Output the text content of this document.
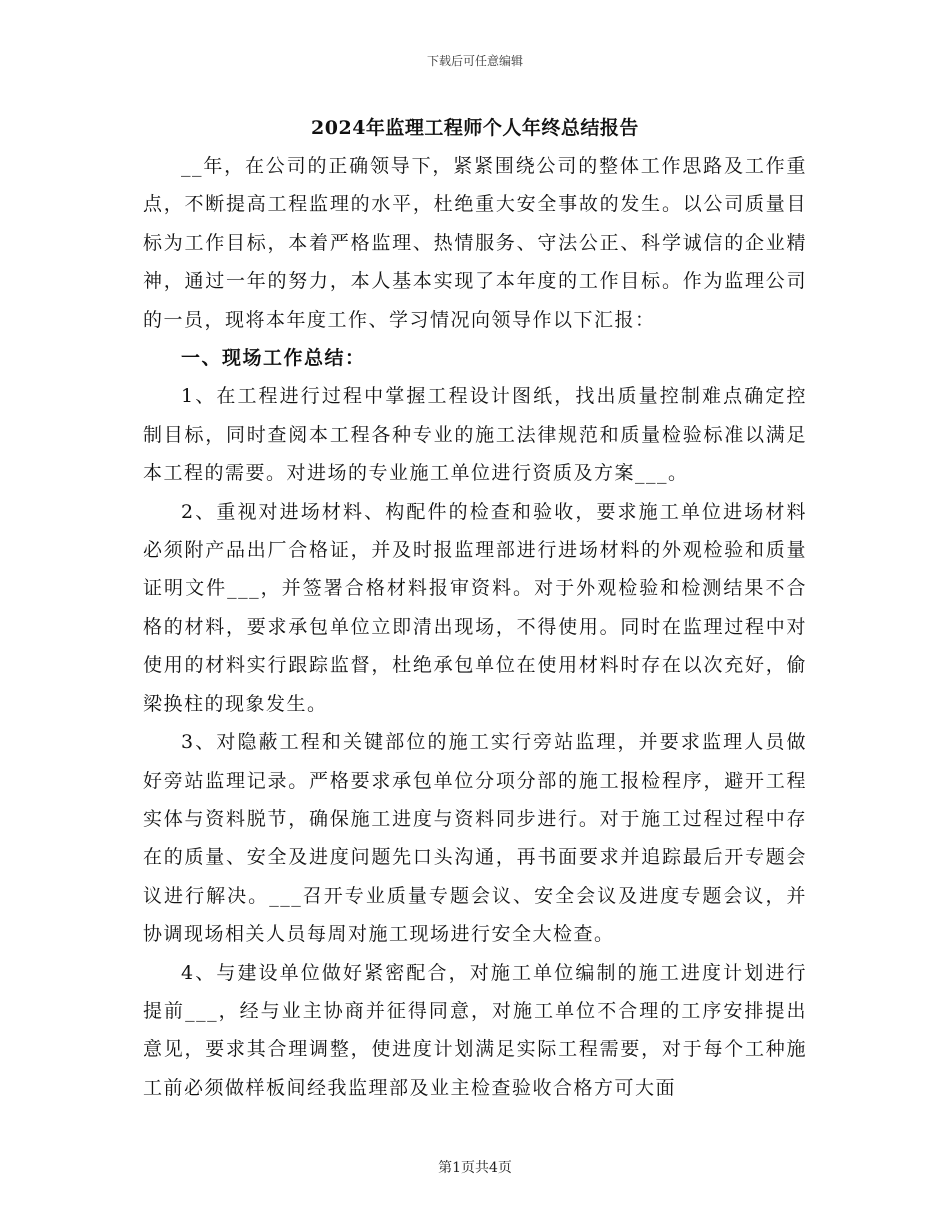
下载后可任意编辑
2024年监理工程师个人年终总结报告

__年，在公司的正确领导下，紧紧围绕公司的整体工作思路及工作重点，不断提高工程监理的水平，杜绝重大安全事故的发生。以公司质量目标为工作目标，本着严格监理、热情服务、守法公正、科学诚信的企业精神，通过一年的努力，本人基本实现了本年度的工作目标。作为监理公司的一员，现将本年度工作、学习情况向领导作以下汇报：

一、现场工作总结：

1、在工程进行过程中掌握工程设计图纸，找出质量控制难点确定控制目标，同时查阅本工程各种专业的施工法律规范和质量检验标准以满足本工程的需要。对进场的专业施工单位进行资质及方案___。

2、重视对进场材料、构配件的检查和验收，要求施工单位进场材料必须附产品出厂合格证，并及时报监理部进行进场材料的外观检验和质量证明文件___，并签署合格材料报审资料。对于外观检验和检测结果不合格的材料，要求承包单位立即清出现场，不得使用。同时在监理过程中对使用的材料实行跟踪监督，杜绝承包单位在使用材料时存在以次充好，偷梁换柱的现象发生。

3、对隐蔽工程和关键部位的施工实行旁站监理，并要求监理人员做好旁站监理记录。严格要求承包单位分项分部的施工报检程序，避开工程实体与资料脱节，确保施工进度与资料同步进行。对于施工过程过程中存在的质量、安全及进度问题先口头沟通，再书面要求并追踪最后开专题会议进行解决。___召开专业质量专题会议、安全会议及进度专题会议，并协调现场相关人员每周对施工现场进行安全大检查。

4、与建设单位做好紧密配合，对施工单位编制的施工进度计划进行提前___，经与业主协商并征得同意，对施工单位不合理的工序安排提出意见，要求其合理调整，使进度计划满足实际工程需要，对于每个工种施工前必须做样板间经我监理部及业主检查验收合格方可大面

第1页共4页
